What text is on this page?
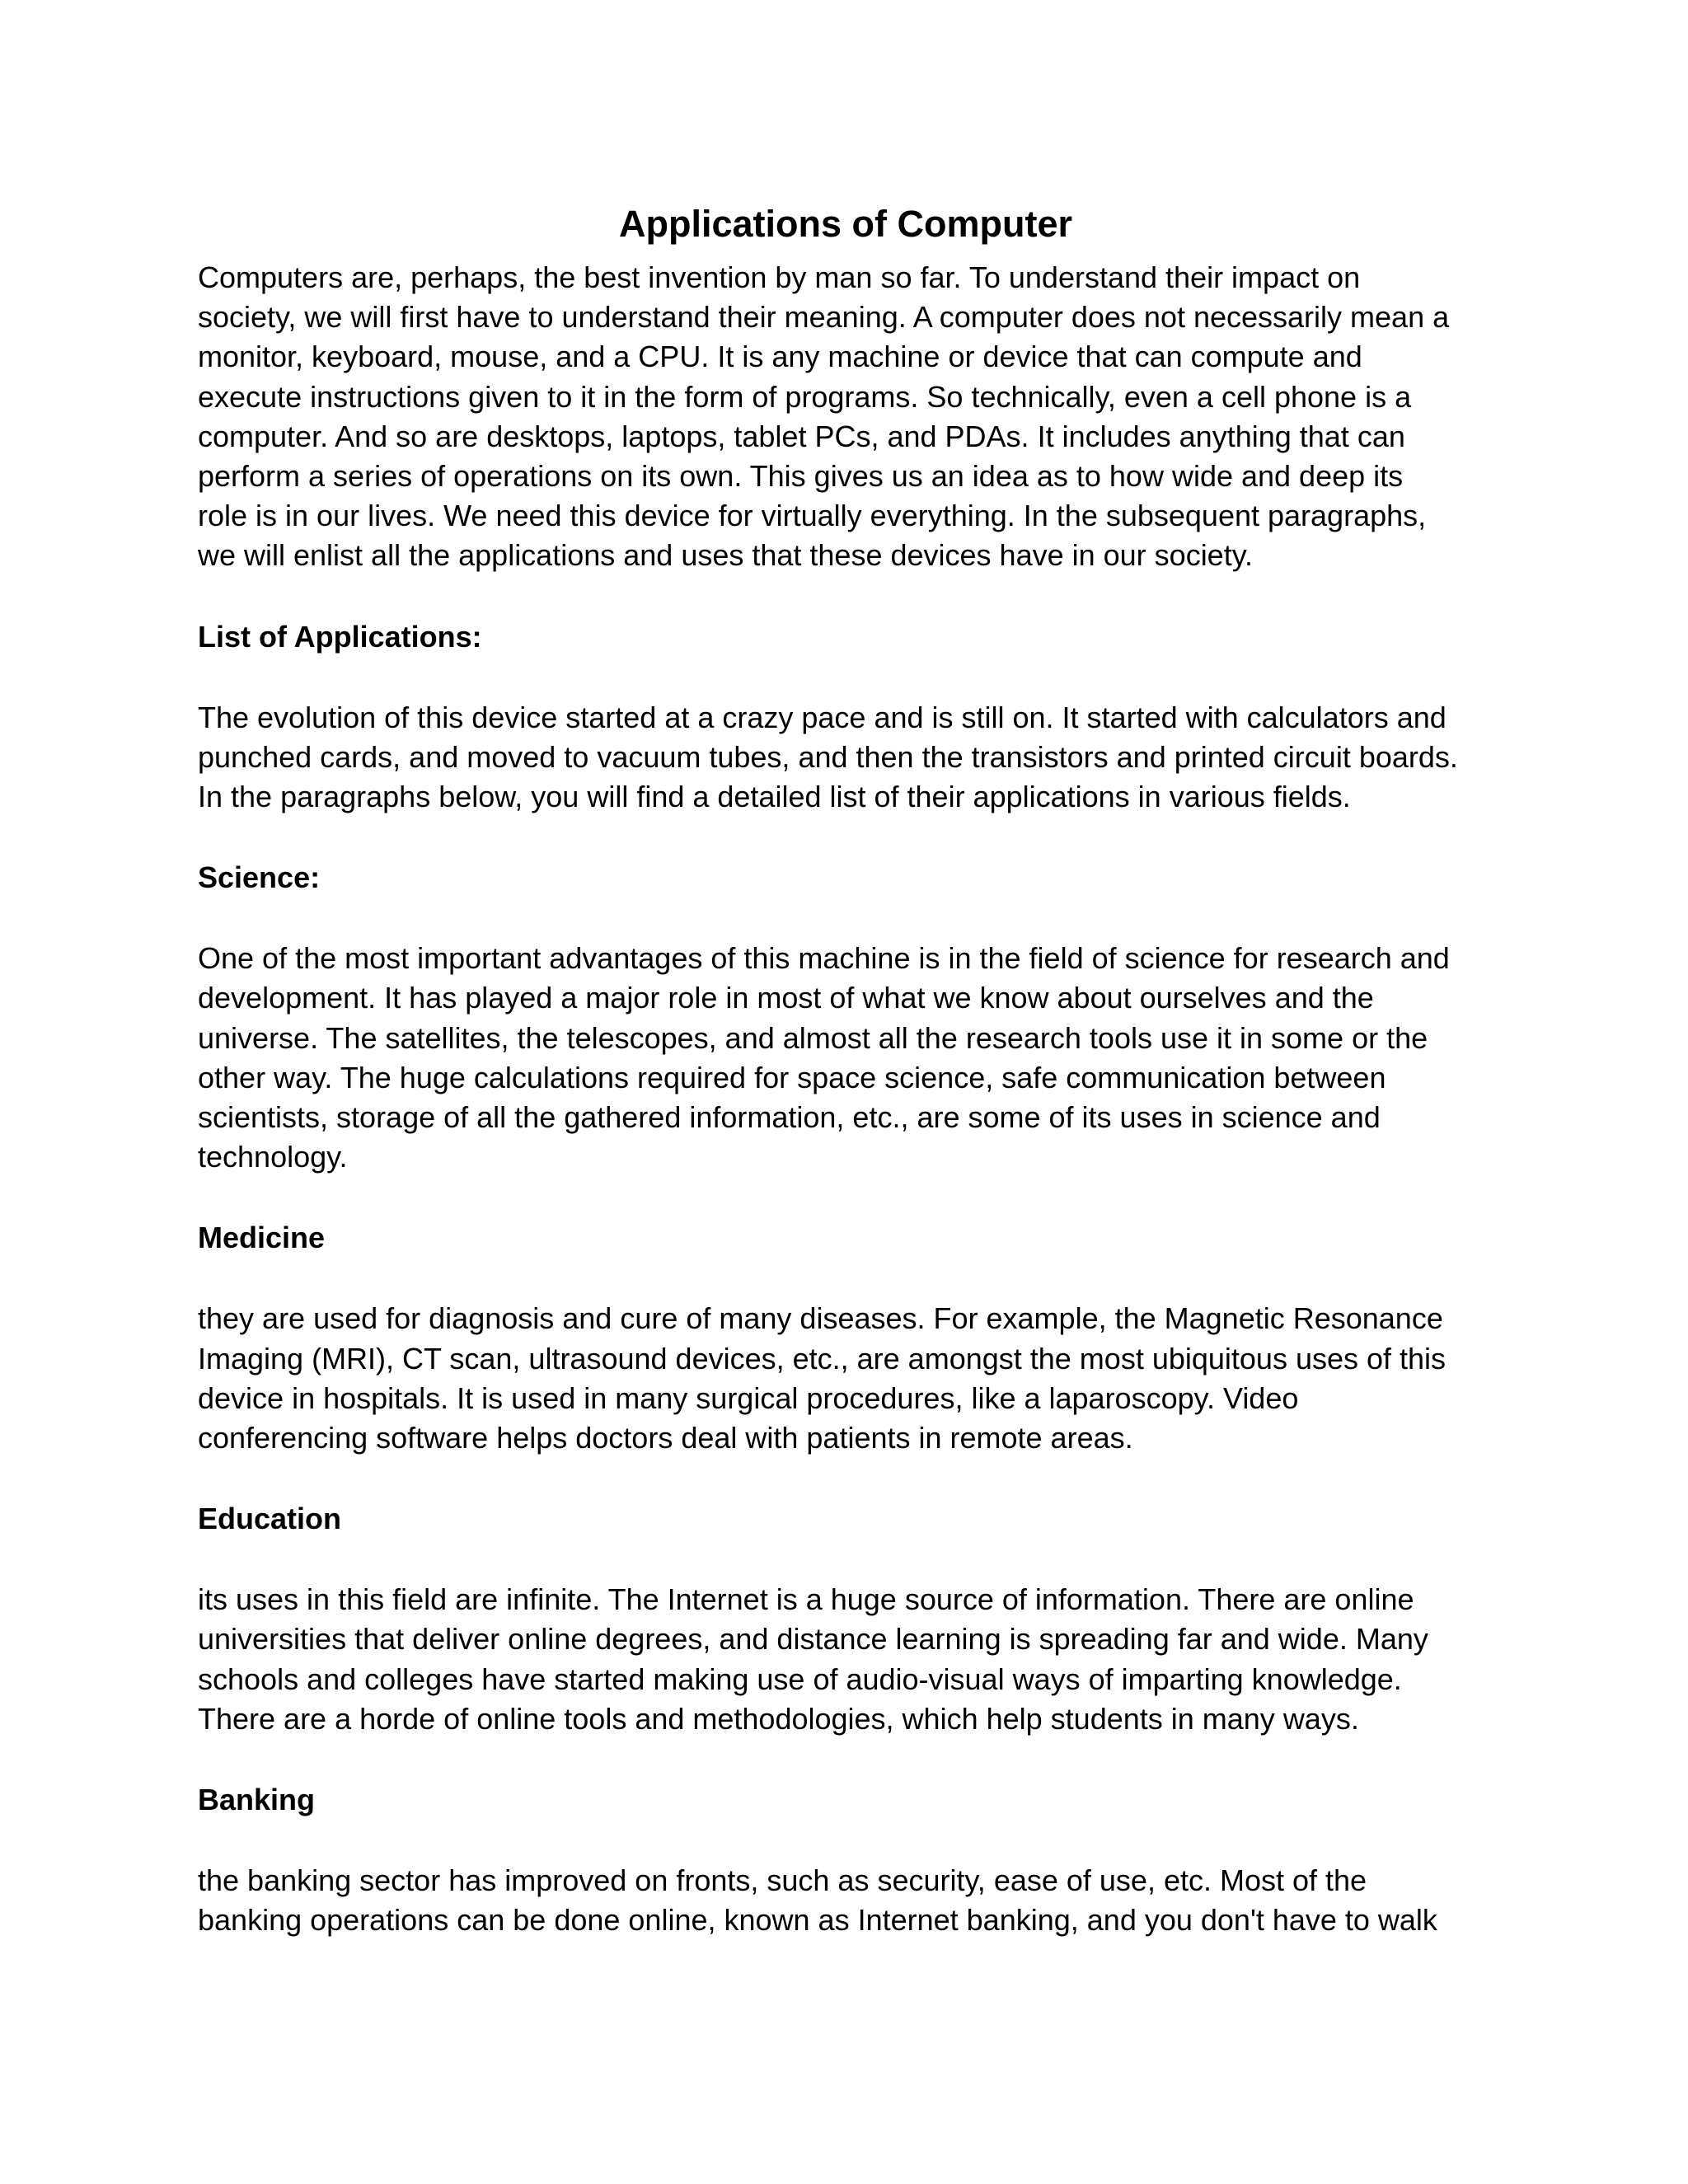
Applications of Computer

Computers are, perhaps, the best invention by man so far. To understand their impact on
society, we will first have to understand their meaning. A computer does not necessarily mean a
monitor, keyboard, mouse, and a CPU. It is any machine or device that can compute and
execute instructions given to it in the form of programs. So technically, even a cell phone is a
computer. And so are desktops, laptops, tablet PCs, and PDAs. It includes anything that can
perform a series of operations on its own. This gives us an idea as to how wide and deep its
role is in our lives. We need this device for virtually everything. In the subsequent paragraphs,
we will enlist all the applications and uses that these devices have in our society.

List of Applications:

The evolution of this device started at a crazy pace and is still on. It started with calculators and
punched cards, and moved to vacuum tubes, and then the transistors and printed circuit boards.
In the paragraphs below, you will find a detailed list of their applications in various fields.

Science:

One of the most important advantages of this machine is in the field of science for research and
development. It has played a major role in most of what we know about ourselves and the
universe. The satellites, the telescopes, and almost all the research tools use it in some or the
other way. The huge calculations required for space science, safe communication between
scientists, storage of all the gathered information, etc., are some of its uses in science and
technology.

Medicine

they are used for diagnosis and cure of many diseases. For example, the Magnetic Resonance
Imaging (MRI), CT scan, ultrasound devices, etc., are amongst the most ubiquitous uses of this
device in hospitals. It is used in many surgical procedures, like a laparoscopy. Video
conferencing software helps doctors deal with patients in remote areas.

Education

its uses in this field are infinite. The Internet is a huge source of information. There are online
universities that deliver online degrees, and distance learning is spreading far and wide. Many
schools and colleges have started making use of audio-visual ways of imparting knowledge.
There are a horde of online tools and methodologies, which help students in many ways.

Banking

the banking sector has improved on fronts, such as security, ease of use, etc. Most of the
banking operations can be done online, known as Internet banking, and you don't have to walk
